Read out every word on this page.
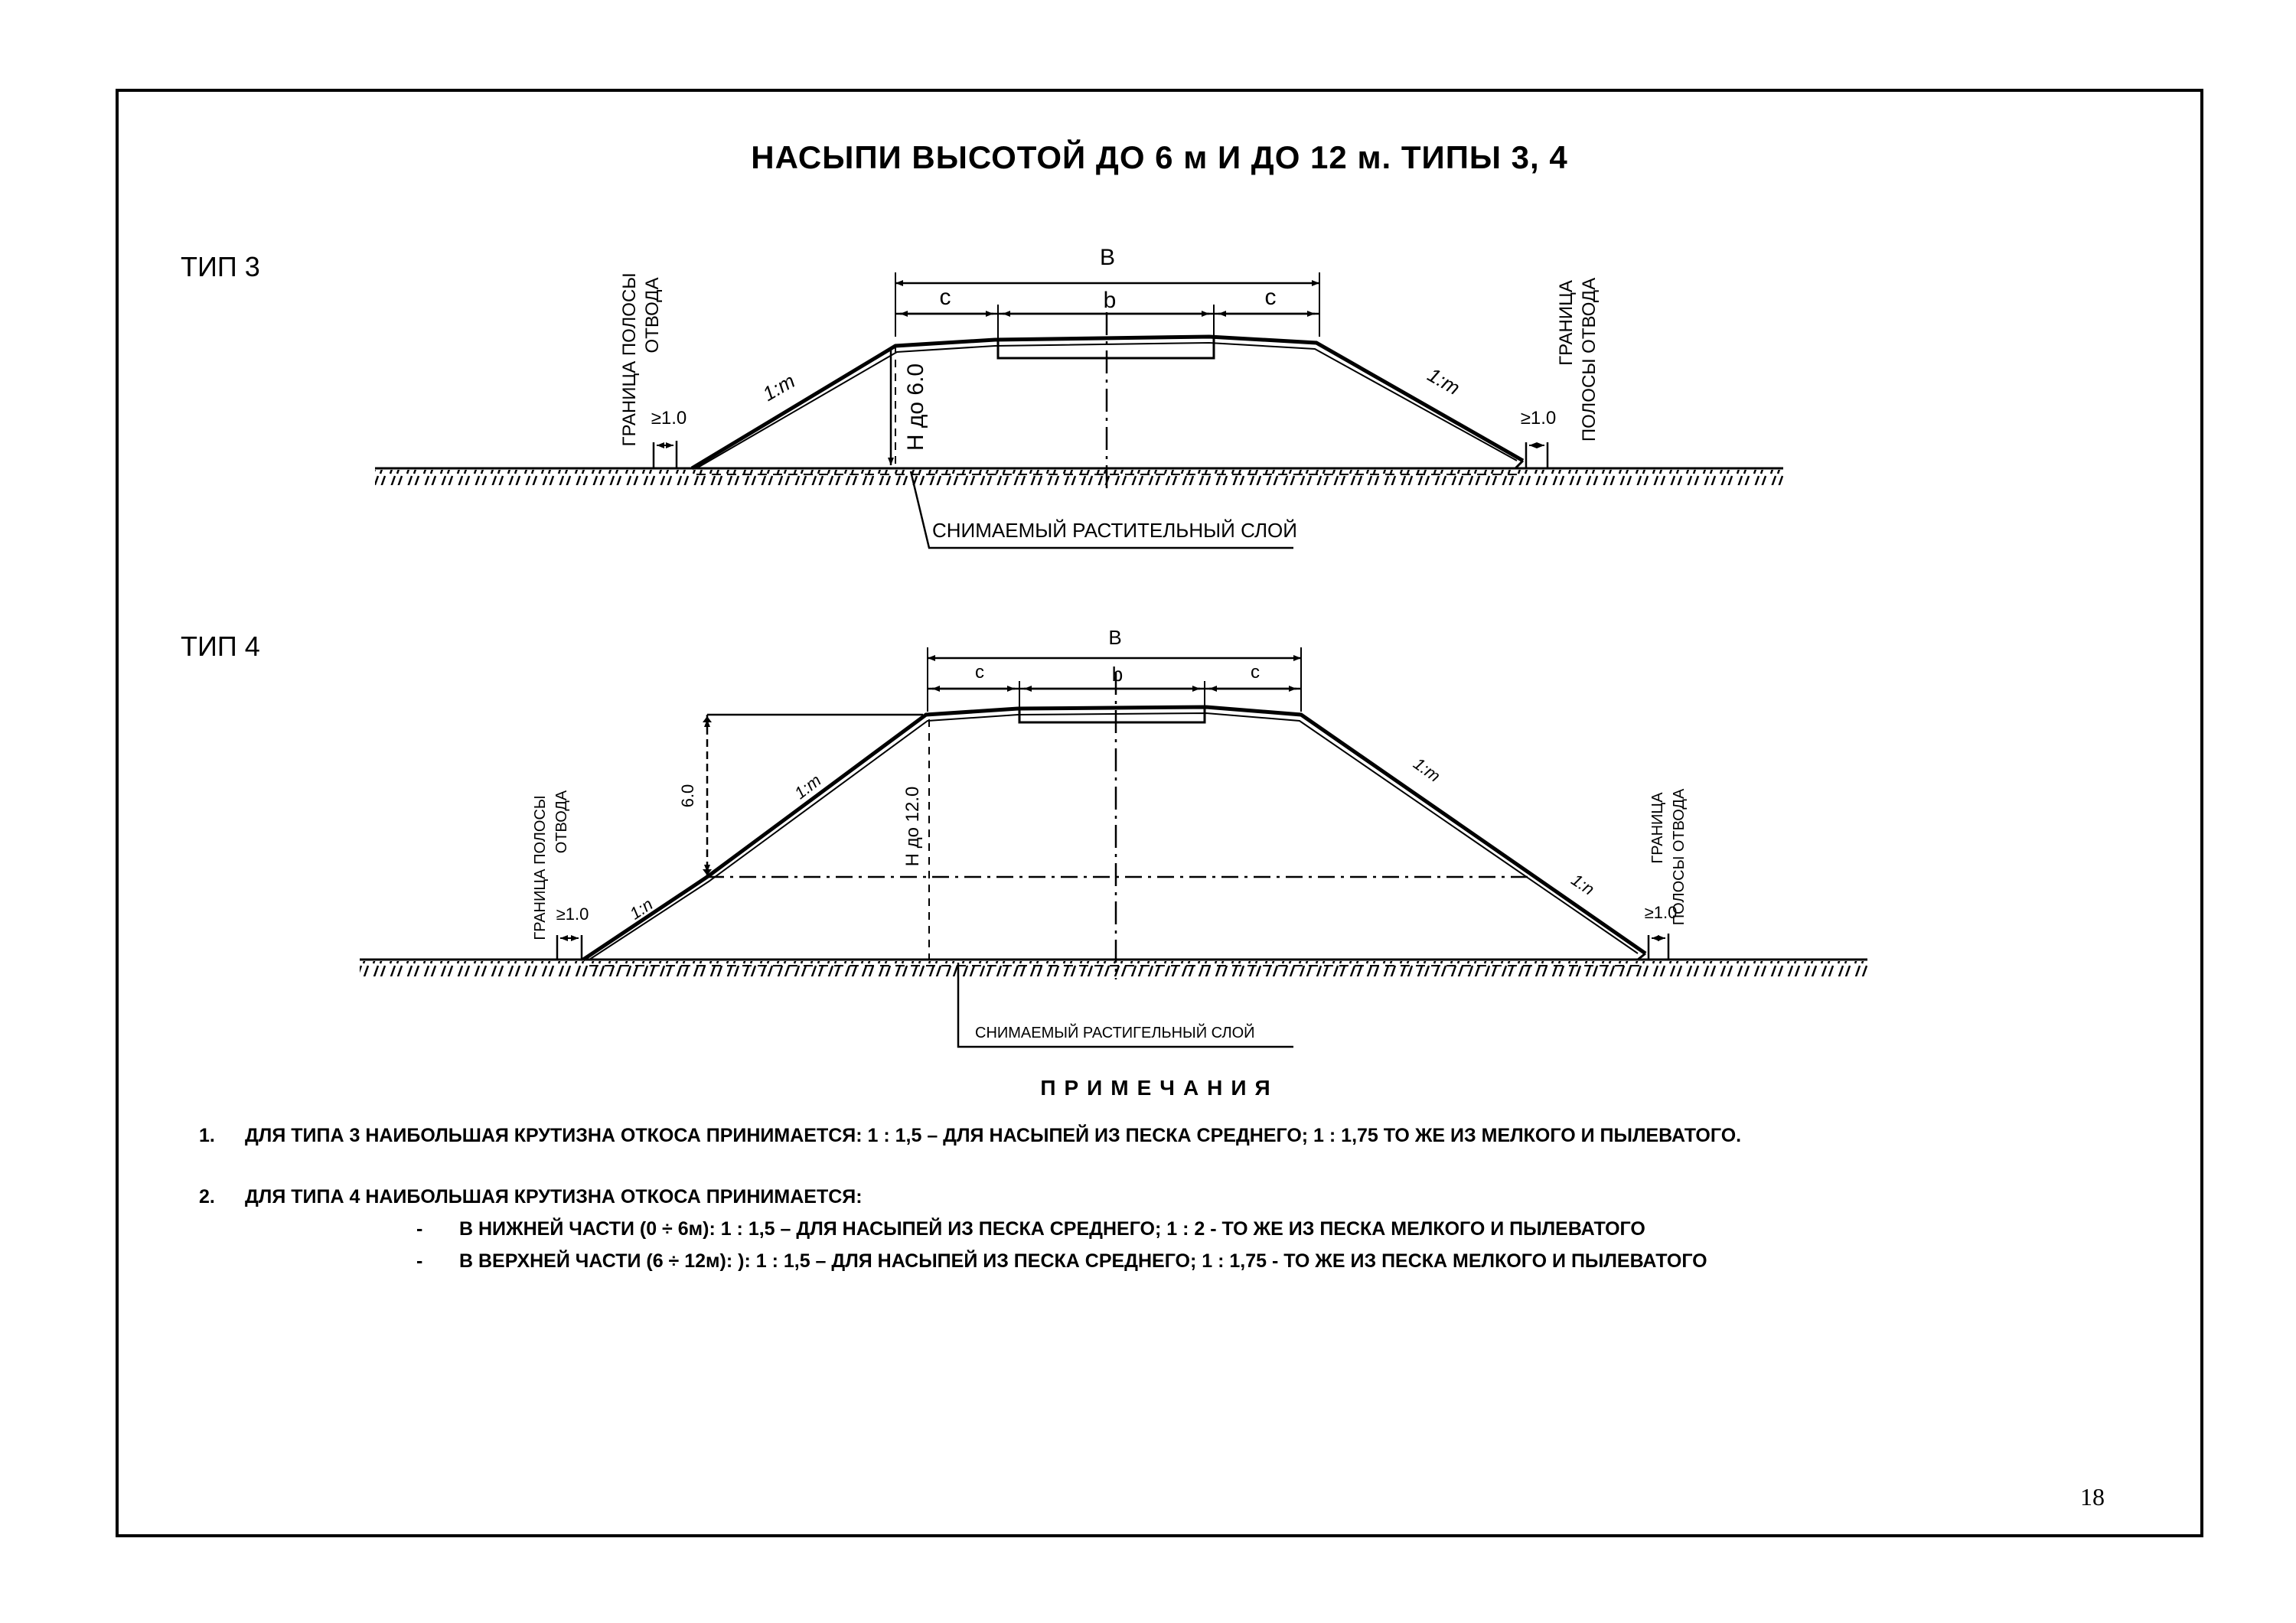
НАСЫПИ ВЫСОТОЙ ДО 6 м И ДО 12 м. ТИПЫ 3, 4
ТИП 3
ТИП 4
В
c	b	c
Н до 6.0
1:m	1:m
ГРАНИЦА ПОЛОСЫ ОТВОДА
≥1.0
ГРАНИЦА ПОЛОСЫ ОТВОДА
≥1.0
СНИМАЕМЫЙ РАСТИТЕЛЬНЫЙ СЛОЙ
В
c	b	c
6.0	Н до 12.0
1:m
1:n
1:m
1:n
ГРАНИЦА ПОЛОСЫ ОТВОДА
≥1.0
ГРАНИЦА ПОЛОСЫ ОТВОДА
≥1.0
СНИМАЕМЫЙ РАСТИГЕЛЬНЫЙ СЛОЙ
ПРИМЕЧАНИЯ
1. ДЛЯ ТИПА 3 НАИБОЛЬШАЯ КРУТИЗНА ОТКОСА ПРИНИМАЕТСЯ: 1 : 1,5 – ДЛЯ НАСЫПЕЙ ИЗ ПЕСКА СРЕДНЕГО; 1 : 1,75 ТО ЖЕ ИЗ МЕЛКОГО И ПЫЛЕВАТОГО.
2. ДЛЯ ТИПА 4 НАИБОЛЬШАЯ КРУТИЗНА ОТКОСА ПРИНИМАЕТСЯ:
- В НИЖНЕЙ ЧАСТИ (0 ÷ 6м): 1 : 1,5 – ДЛЯ НАСЫПЕЙ ИЗ ПЕСКА СРЕДНЕГО; 1 : 2 - ТО ЖЕ ИЗ ПЕСКА МЕЛКОГО И ПЫЛЕВАТОГО
- В ВЕРХНЕЙ ЧАСТИ (6 ÷ 12м): ): 1 : 1,5 – ДЛЯ НАСЫПЕЙ ИЗ ПЕСКА СРЕДНЕГО; 1 : 1,75 - ТО ЖЕ ИЗ ПЕСКА МЕЛКОГО И ПЫЛЕВАТОГО
18
